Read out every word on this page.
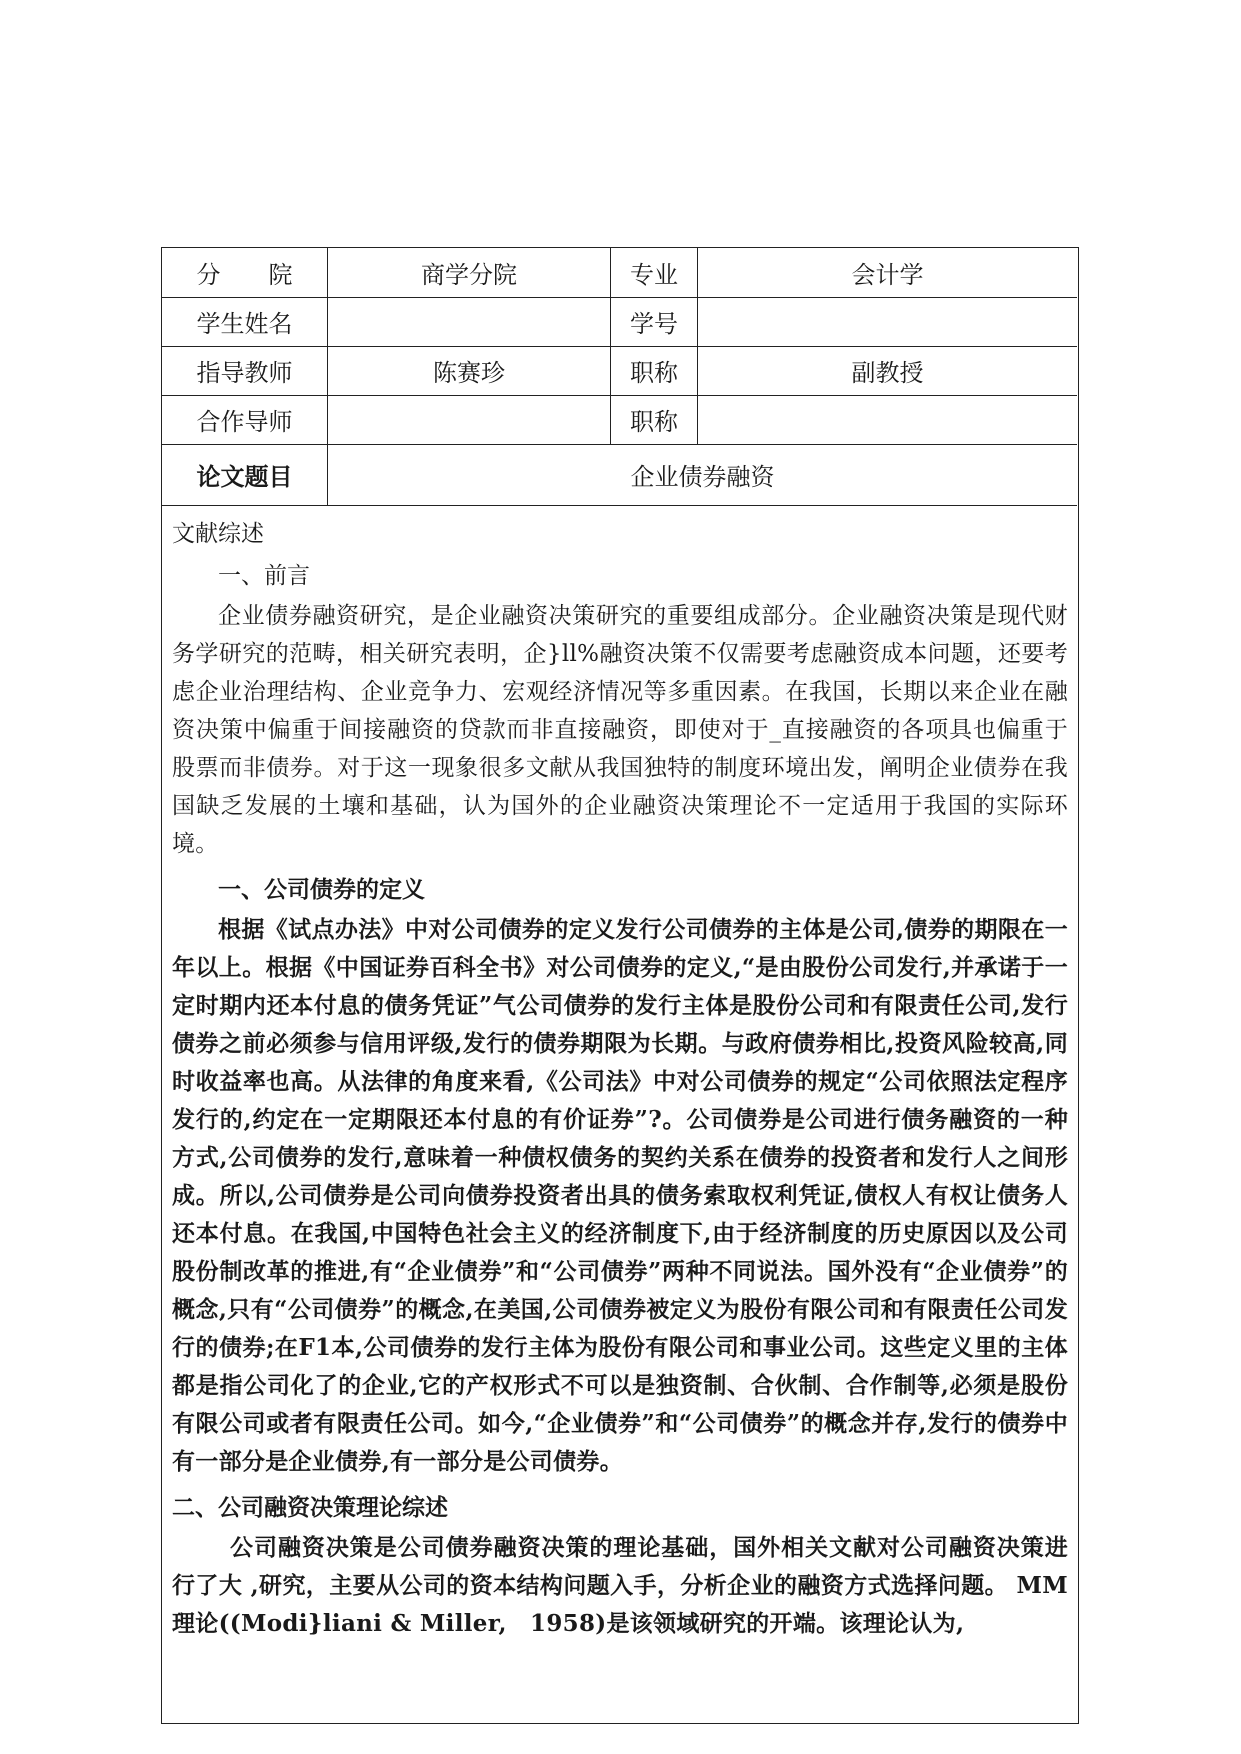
分　　院	商学分院	专业	会计学
学生姓名		学号	
指导教师	陈赛珍	职称	副教授
合作导师		职称	
论文题目	企业债券融资		

文献综述

一、前言

企业债券融资研究，是企业融资决策研究的重要组成部分。企业融资决策是现代财务学研究的范畴，相关研究表明，企}ll%融资决策不仅需要考虑融资成本问题，还要考虑企业治理结构、企业竞争力、宏观经济情况等多重因素。在我国，长期以来企业在融资决策中偏重于间接融资的贷款而非直接融资，即使对于_直接融资的各项具也偏重于股票而非债券。对于这一现象很多文献从我国独特的制度环境出发，阐明企业债券在我国缺乏发展的土壤和基础，认为国外的企业融资决策理论不一定适用于我国的实际环境。

一、公司债券的定义

根据《试点办法》中对公司债券的定义发行公司债券的主体是公司,债券的期限在一年以上。根据《中国证券百科全书》对公司债券的定义,“是由股份公司发行,并承诺于一定时期内还本付息的债务凭证”气公司债券的发行主体是股份公司和有限责任公司,发行债券之前必须参与信用评级,发行的债券期限为长期。与政府债券相比,投资风险较高,同时收益率也高。从法律的角度来看,《公司法》中对公司债券的规定“公司依照法定程序发行的,约定在一定期限还本付息的有价证券”?。公司债券是公司进行债务融资的一种方式,公司债券的发行,意味着一种债权债务的契约关系在债券的投资者和发行人之间形成。所以,公司债券是公司向债券投资者出具的债务索取权利凭证,债权人有权让债务人还本付息。在我国,中国特色社会主义的经济制度下,由于经济制度的历史原因以及公司股份制改革的推进,有“企业债券”和“公司债券”两种不同说法。国外没有“企业债券”的概念,只有“公司债券”的概念,在美国,公司债券被定义为股份有限公司和有限责任公司发行的债券;在F1本,公司债券的发行主体为股份有限公司和事业公司。这些定义里的主体都是指公司化了的企业,它的产权形式不可以是独资制、合伙制、合作制等,必须是股份有限公司或者有限责任公司。如今,“企业债券”和“公司债券”的概念并存,发行的债券中有一部分是企业债券,有一部分是公司债券。

二、公司融资决策理论综述

公司融资决策是公司债券融资决策的理论基础，国外相关文献对公司融资决策进行了大 ,研究，主要从公司的资本结构问题入手，分析企业的融资方式选择问题。 MM理论((Modi}liani & Miller,　1958)是该领域研究的开端。该理论认为,
